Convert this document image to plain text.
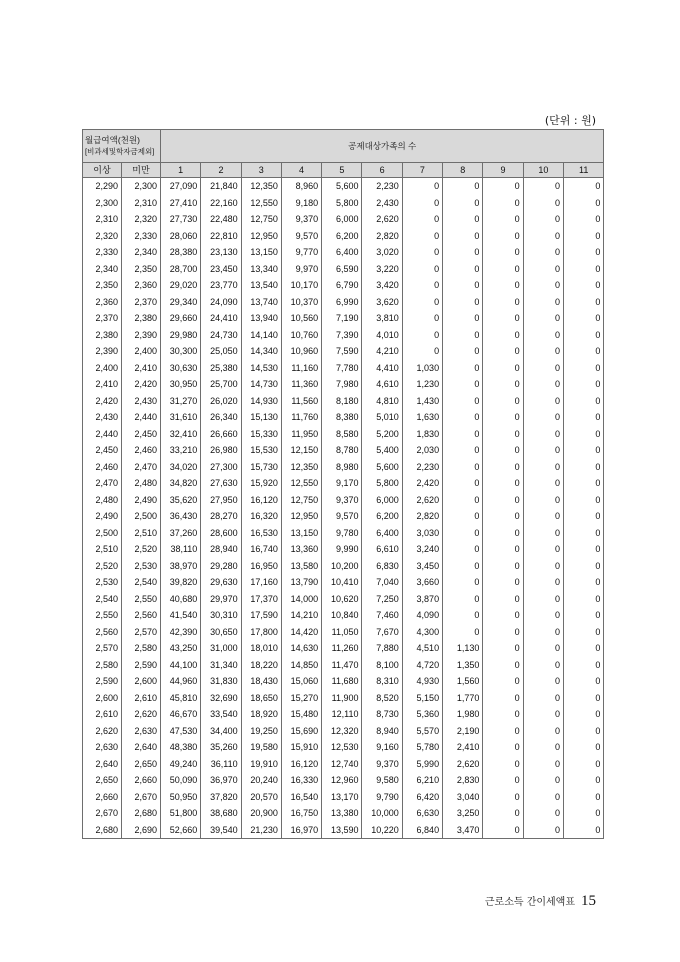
(단위 : 원)
월급여액(천원)
[비과세및학자금제외]		공제대상가족의 수										
이상	미만	1	2	3	4	5	6	7	8	9	10	11
2,290	2,300	27,090	21,840	12,350	8,960	5,600	2,230	0	0	0	0	0
2,300	2,310	27,410	22,160	12,550	9,180	5,800	2,430	0	0	0	0	0
2,310	2,320	27,730	22,480	12,750	9,370	6,000	2,620	0	0	0	0	0
2,320	2,330	28,060	22,810	12,950	9,570	6,200	2,820	0	0	0	0	0
2,330	2,340	28,380	23,130	13,150	9,770	6,400	3,020	0	0	0	0	0
2,340	2,350	28,700	23,450	13,340	9,970	6,590	3,220	0	0	0	0	0
2,350	2,360	29,020	23,770	13,540	10,170	6,790	3,420	0	0	0	0	0
2,360	2,370	29,340	24,090	13,740	10,370	6,990	3,620	0	0	0	0	0
2,370	2,380	29,660	24,410	13,940	10,560	7,190	3,810	0	0	0	0	0
2,380	2,390	29,980	24,730	14,140	10,760	7,390	4,010	0	0	0	0	0
2,390	2,400	30,300	25,050	14,340	10,960	7,590	4,210	0	0	0	0	0
2,400	2,410	30,630	25,380	14,530	11,160	7,780	4,410	1,030	0	0	0	0
2,410	2,420	30,950	25,700	14,730	11,360	7,980	4,610	1,230	0	0	0	0
2,420	2,430	31,270	26,020	14,930	11,560	8,180	4,810	1,430	0	0	0	0
2,430	2,440	31,610	26,340	15,130	11,760	8,380	5,010	1,630	0	0	0	0
2,440	2,450	32,410	26,660	15,330	11,950	8,580	5,200	1,830	0	0	0	0
2,450	2,460	33,210	26,980	15,530	12,150	8,780	5,400	2,030	0	0	0	0
2,460	2,470	34,020	27,300	15,730	12,350	8,980	5,600	2,230	0	0	0	0
2,470	2,480	34,820	27,630	15,920	12,550	9,170	5,800	2,420	0	0	0	0
2,480	2,490	35,620	27,950	16,120	12,750	9,370	6,000	2,620	0	0	0	0
2,490	2,500	36,430	28,270	16,320	12,950	9,570	6,200	2,820	0	0	0	0
2,500	2,510	37,260	28,600	16,530	13,150	9,780	6,400	3,030	0	0	0	0
2,510	2,520	38,110	28,940	16,740	13,360	9,990	6,610	3,240	0	0	0	0
2,520	2,530	38,970	29,280	16,950	13,580	10,200	6,830	3,450	0	0	0	0
2,530	2,540	39,820	29,630	17,160	13,790	10,410	7,040	3,660	0	0	0	0
2,540	2,550	40,680	29,970	17,370	14,000	10,620	7,250	3,870	0	0	0	0
2,550	2,560	41,540	30,310	17,590	14,210	10,840	7,460	4,090	0	0	0	0
2,560	2,570	42,390	30,650	17,800	14,420	11,050	7,670	4,300	0	0	0	0
2,570	2,580	43,250	31,000	18,010	14,630	11,260	7,880	4,510	1,130	0	0	0
2,580	2,590	44,100	31,340	18,220	14,850	11,470	8,100	4,720	1,350	0	0	0
2,590	2,600	44,960	31,830	18,430	15,060	11,680	8,310	4,930	1,560	0	0	0
2,600	2,610	45,810	32,690	18,650	15,270	11,900	8,520	5,150	1,770	0	0	0
2,610	2,620	46,670	33,540	18,920	15,480	12,110	8,730	5,360	1,980	0	0	0
2,620	2,630	47,530	34,400	19,250	15,690	12,320	8,940	5,570	2,190	0	0	0
2,630	2,640	48,380	35,260	19,580	15,910	12,530	9,160	5,780	2,410	0	0	0
2,640	2,650	49,240	36,110	19,910	16,120	12,740	9,370	5,990	2,620	0	0	0
2,650	2,660	50,090	36,970	20,240	16,330	12,960	9,580	6,210	2,830	0	0	0
2,660	2,670	50,950	37,820	20,570	16,540	13,170	9,790	6,420	3,040	0	0	0
2,670	2,680	51,800	38,680	20,900	16,750	13,380	10,000	6,630	3,250	0	0	0
2,680	2,690	52,660	39,540	21,230	16,970	13,590	10,220	6,840	3,470	0	0	0
근로소득 간이세액표 15
